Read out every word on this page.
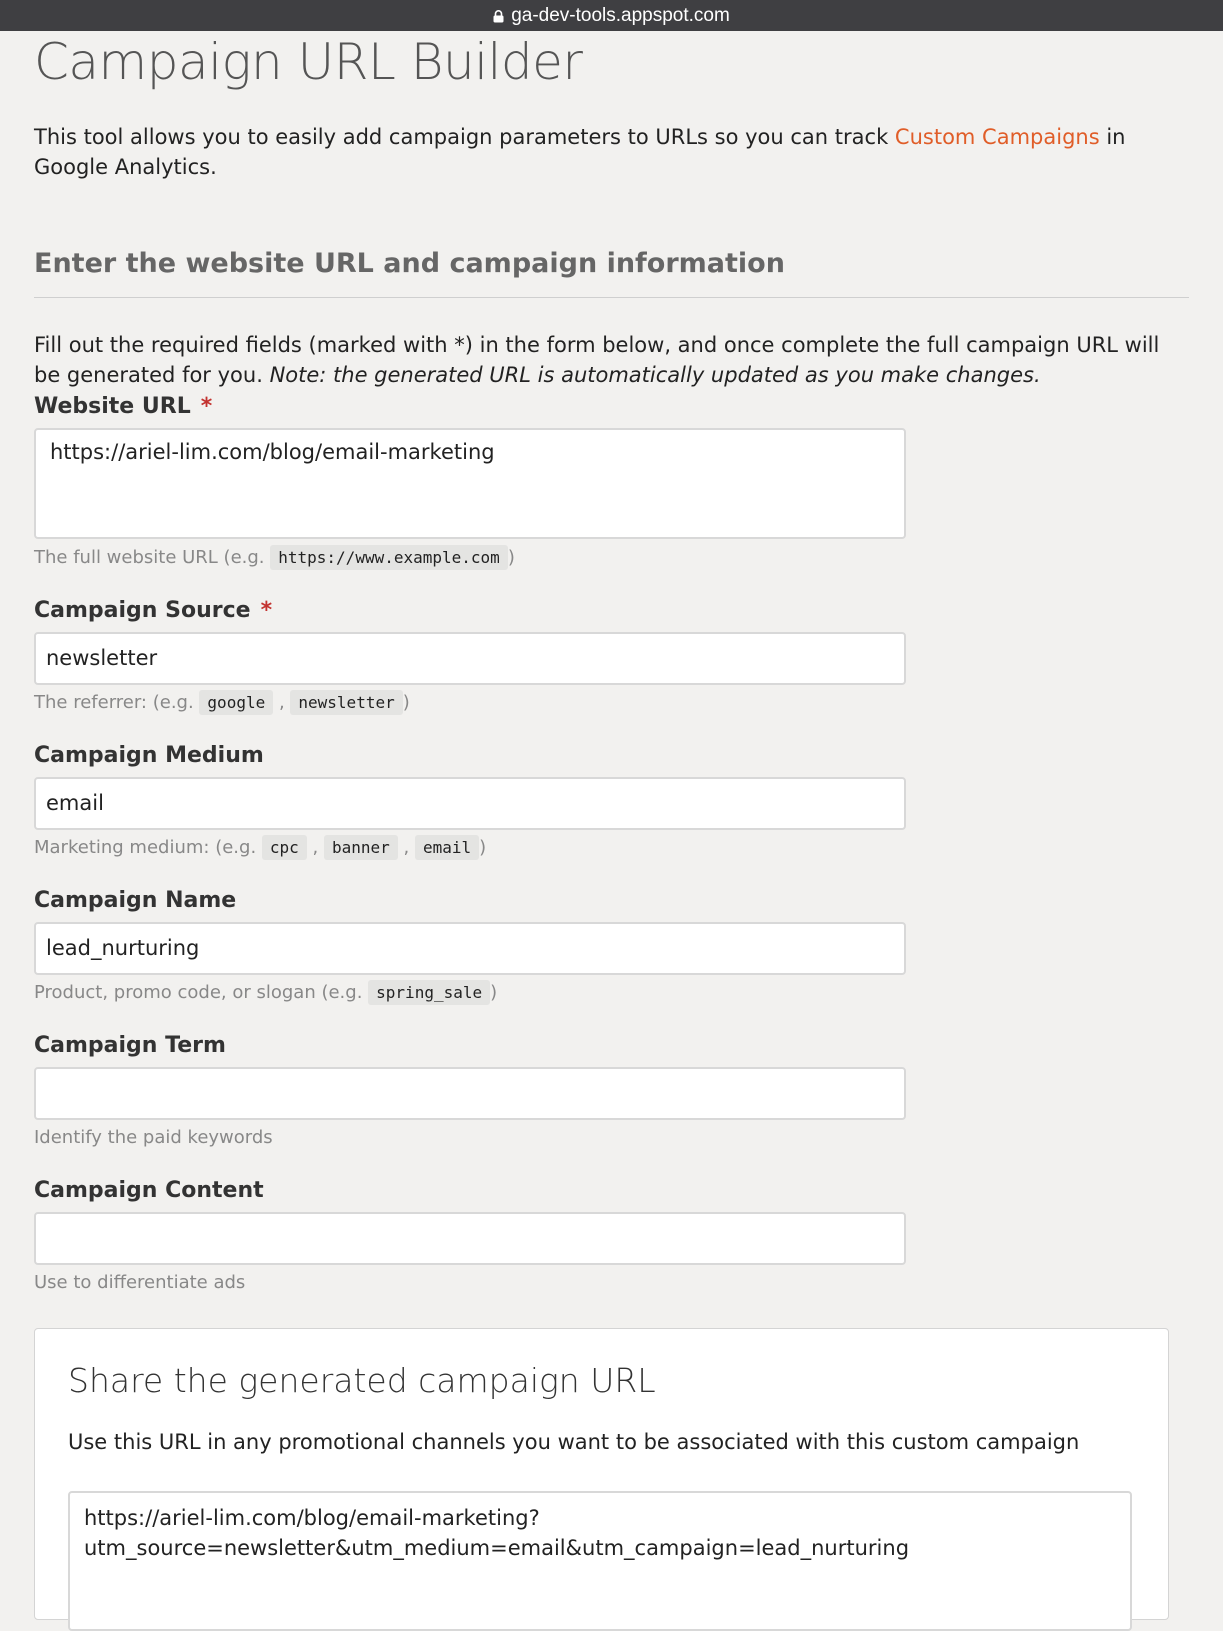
ga-dev-tools.appspot.com
Campaign URL Builder
This tool allows you to easily add campaign parameters to URLs so you can track Custom Campaigns in Google Analytics.
Enter the website URL and campaign information
Fill out the required fields (marked with *) in the form below, and once complete the full campaign URL will be generated for you. Note: the generated URL is automatically updated as you make changes.
Website URL *
https://ariel-lim.com/blog/email-marketing
The full website URL (e.g. https://www.example.com )
Campaign Source *
newsletter
The referrer: (e.g. google , newsletter )
Campaign Medium
email
Marketing medium: (e.g. cpc , banner , email )
Campaign Name
lead_nurturing
Product, promo code, or slogan (e.g. spring_sale )
Campaign Term
Identify the paid keywords
Campaign Content
Use to differentiate ads
Share the generated campaign URL
Use this URL in any promotional channels you want to be associated with this custom campaign
https://ariel-lim.com/blog/email-marketing?
utm_source=newsletter&utm_medium=email&utm_campaign=lead_nurturing
